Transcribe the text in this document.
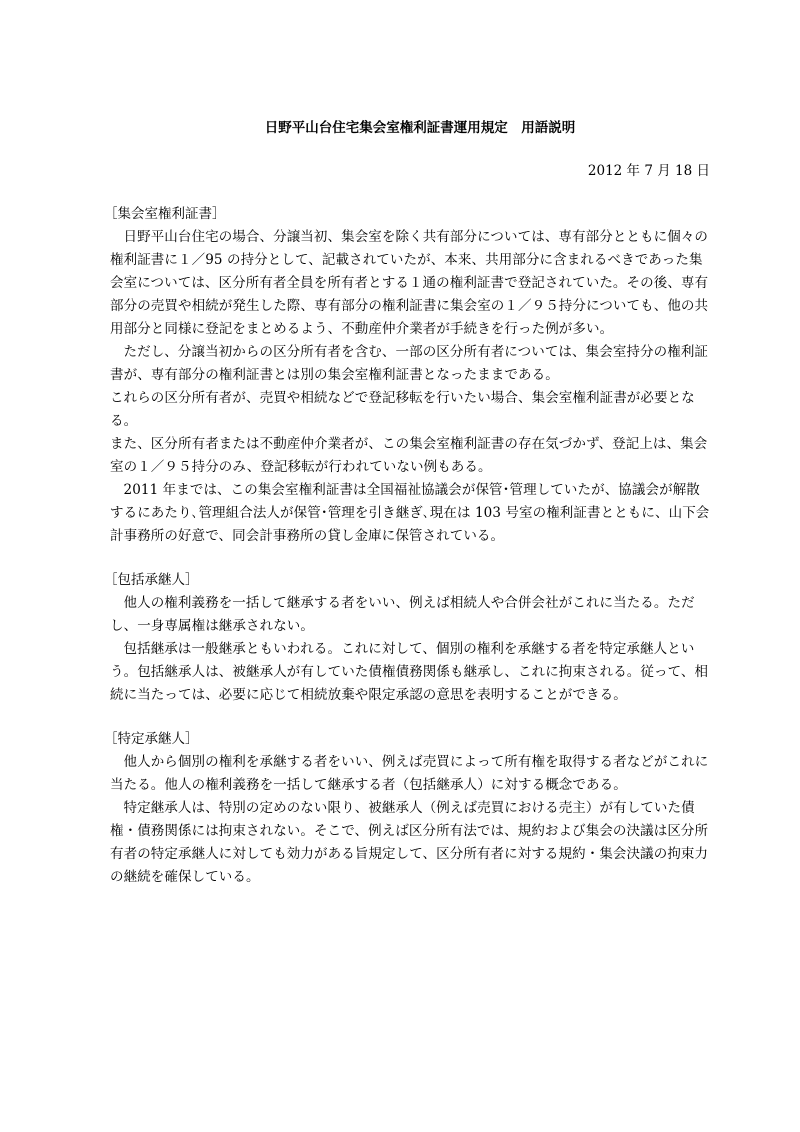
日野平山台住宅集会室権利証書運用規定　用語説明
2012 年 7 月 18 日
［集会室権利証書］

日野平山台住宅の場合、分譲当初、集会室を除く共有部分については、専有部分とともに個々の権利証書に１／95 の持分として、記載されていたが、本来、共用部分に含まれるべきであった集会室については、区分所有者全員を所有者とする１通の権利証書で登記されていた。その後、専有部分の売買や相続が発生した際、専有部分の権利証書に集会室の１／９５持分についても、他の共用部分と同様に登記をまとめるよう、不動産仲介業者が手続きを行った例が多い。

ただし、分譲当初からの区分所有者を含む、一部の区分所有者については、集会室持分の権利証書が、専有部分の権利証書とは別の集会室権利証書となったままである。

これらの区分所有者が、売買や相続などで登記移転を行いたい場合、集会室権利証書が必要となる。

また、区分所有者または不動産仲介業者が、この集会室権利証書の存在気づかず、登記上は、集会室の１／９５持分のみ、登記移転が行われていない例もある。

2011 年までは、この集会室権利証書は全国福祉協議会が保管･管理していたが、協議会が解散するにあたり､管理組合法人が保管･管理を引き継ぎ､現在は 103 号室の権利証書とともに、山下会計事務所の好意で、同会計事務所の貸し金庫に保管されている。

［包括承継人］

他人の権利義務を一括して継承する者をいい、例えば相続人や合併会社がこれに当たる。ただし、一身専属権は継承されない。

包括継承は一般継承ともいわれる。これに対して、個別の権利を承継する者を特定承継人という。包括継承人は、被継承人が有していた債権債務関係も継承し、これに拘束される。従って、相続に当たっては、必要に応じて相続放棄や限定承認の意思を表明することができる。

［特定承継人］

他人から個別の権利を承継する者をいい、例えば売買によって所有権を取得する者などがこれに当たる。他人の権利義務を一括して継承する者（包括継承人）に対する概念である。

特定継承人は、特別の定めのない限り、被継承人（例えば売買における売主）が有していた債権・債務関係には拘束されない。そこで、例えば区分所有法では、規約および集会の決議は区分所有者の特定承継人に対しても効力がある旨規定して、区分所有者に対する規約・集会決議の拘束力の継続を確保している。
